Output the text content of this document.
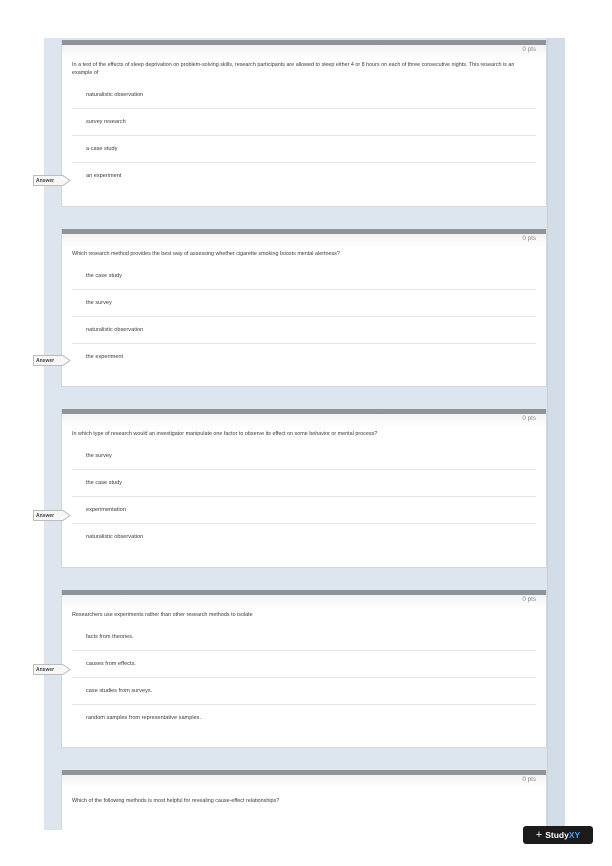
0 pts
In a test of the effects of sleep deprivation on problem-solving skills, research participants are allowed to sleep either 4 or 8 hours on each of three consecutive nights. This research is an example of
naturalistic observation
survey research
a case study
an experiment
0 pts
Which research method provides the best way of assessing whether cigarette smoking boosts mental alertness?
the case study
the survey
naturalistic observation
the experiment
0 pts
In which type of research would an investigator manipulate one factor to observe its effect on some behavior or mental process?
the survey
the case study
experimentation
naturalistic observation
0 pts
Researchers use experiments rather than other research methods to isolate
facts from theories.
causes from effects.
case studies from surveys.
random samples from representative samples.
0 pts
Which of the following methods is most helpful for revealing cause-effect relationships?
Answer
Answer
Answer
Answer
+ StudyXY
